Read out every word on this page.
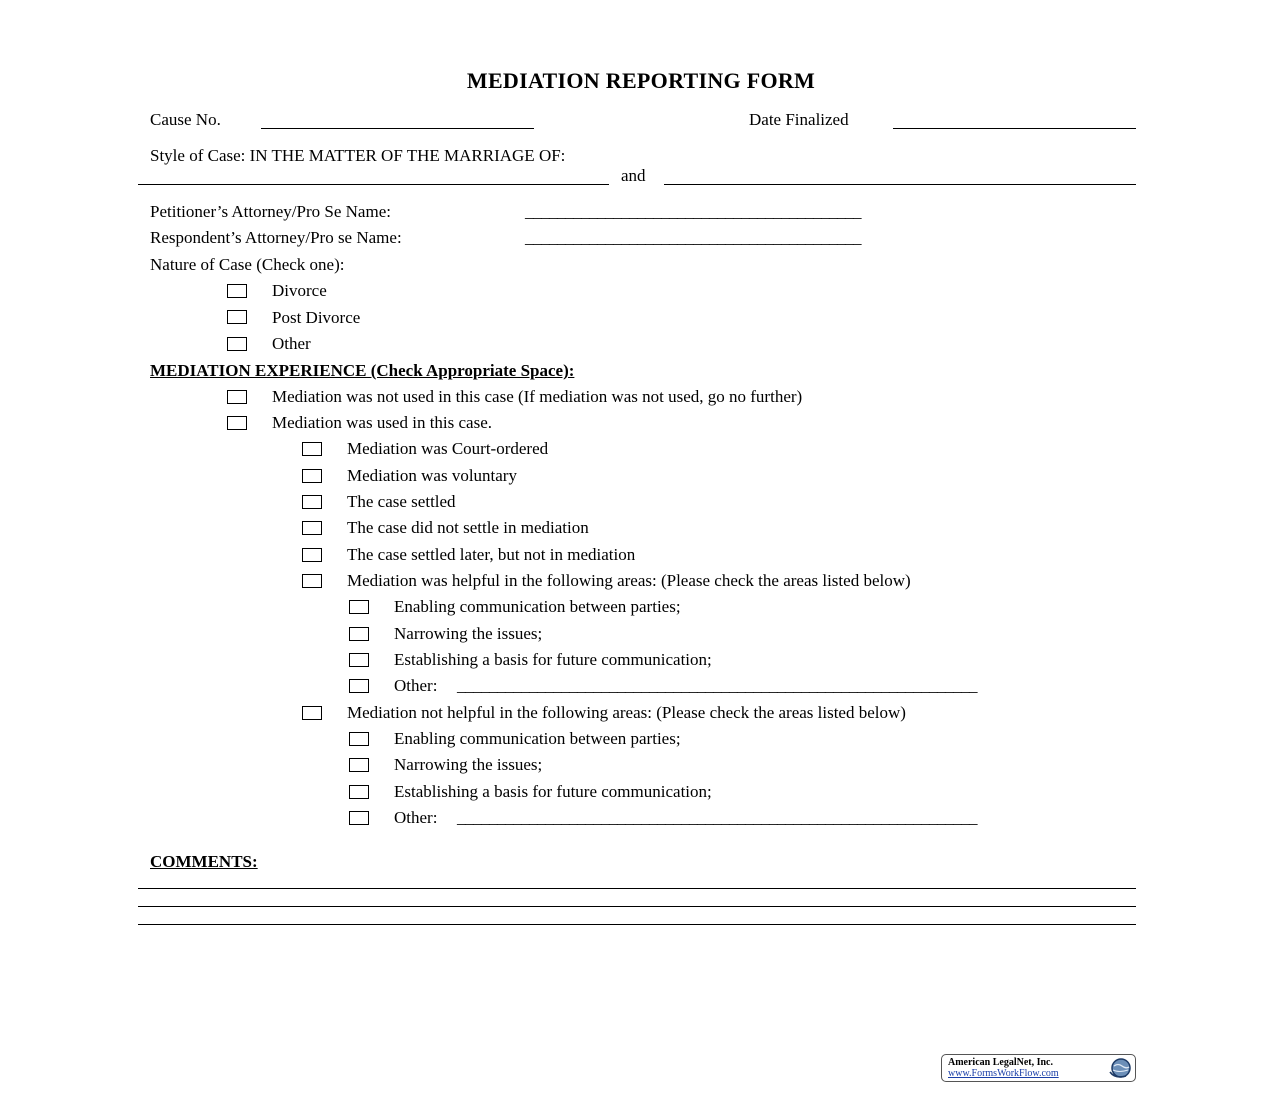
MEDIATION REPORTING FORM
Cause No.	Date Finalized
Style of Case: IN THE MATTER OF THE MARRIAGE OF:
and
Petitioner’s Attorney/Pro Se Name:	__________________________________________
Respondent’s Attorney/Pro se Name:	__________________________________________
Nature of Case (Check one):
Divorce
Post Divorce
Other
MEDIATION EXPERIENCE (Check Appropriate Space):
Mediation was not used in this case (If mediation was not used, go no further)
Mediation was used in this case.
Mediation was Court-ordered
Mediation was voluntary
The case settled
The case did not settle in mediation
The case settled later, but not in mediation
Mediation was helpful in the following areas: (Please check the areas listed below)
Enabling communication between parties;
Narrowing the issues;
Establishing a basis for future communication;
Other: _________________________________________________________________
Mediation not helpful in the following areas: (Please check the areas listed below)
Enabling communication between parties;
Narrowing the issues;
Establishing a basis for future communication;
Other: _________________________________________________________________
COMMENTS:
American LegalNet, Inc.
www.FormsWorkFlow.com
